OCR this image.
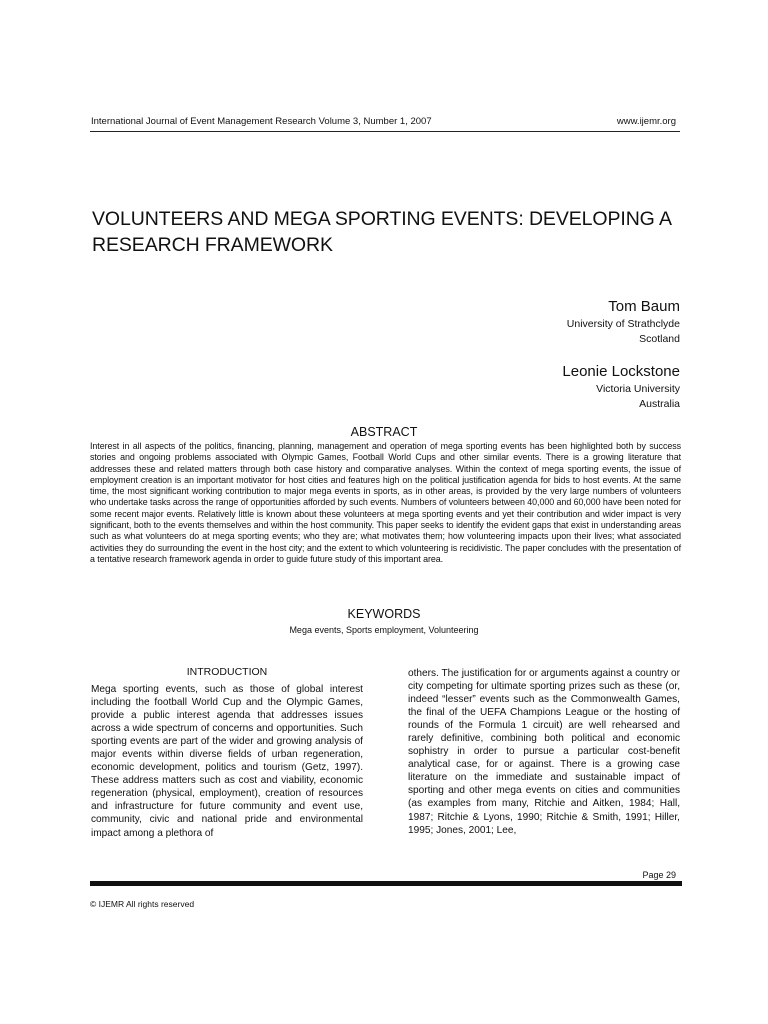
International Journal of Event Management Research Volume 3, Number 1, 2007	www.ijemr.org
VOLUNTEERS AND MEGA SPORTING EVENTS: DEVELOPING A
RESEARCH FRAMEWORK
Tom Baum
University of Strathclyde
Scotland
Leonie Lockstone
Victoria University
Australia
ABSTRACT

Interest in all aspects of the politics, financing, planning, management and operation of mega sporting events has been highlighted both by success stories and ongoing problems associated with Olympic Games, Football World Cups and other similar events. There is a growing literature that addresses these and related matters through both case history and comparative analyses. Within the context of mega sporting events, the issue of employment creation is an important motivator for host cities and features high on the political justification agenda for bids to host events. At the same time, the most significant working contribution to major mega events in sports, as in other areas, is provided by the very large numbers of volunteers who undertake tasks across the range of opportunities afforded by such events. Numbers of volunteers between 40,000 and 60,000 have been noted for some recent major events. Relatively little is known about these volunteers at mega sporting events and yet their contribution and wider impact is very significant, both to the events themselves and within the host community. This paper seeks to identify the evident gaps that exist in understanding areas such as what volunteers do at mega sporting events; who they are; what motivates them; how volunteering impacts upon their lives; what associated activities they do surrounding the event in the host city; and the extent to which volunteering is recidivistic. The paper concludes with the presentation of a tentative research framework agenda in order to guide future study of this important area.

KEYWORDS
Mega events, Sports employment, Volunteering
INTRODUCTION

Mega sporting events, such as those of global interest including the football World Cup and the Olympic Games, provide a public interest agenda that addresses issues across a wide spectrum of concerns and opportunities. Such sporting events are part of the wider and growing analysis of major events within diverse fields of urban regeneration, economic development, politics and tourism (Getz, 1997). These address matters such as cost and viability, economic regeneration (physical, employment), creation of resources and infrastructure for future community and event use, community, civic and national pride and environmental impact among a plethora of

others. The justification for or arguments against a country or city competing for ultimate sporting prizes such as these (or, indeed “lesser” events such as the Commonwealth Games, the final of the UEFA Champions League or the hosting of rounds of the Formula 1 circuit) are well rehearsed and rarely definitive, combining both political and economic sophistry in order to pursue a particular cost-benefit analytical case, for or against. There is a growing case literature on the immediate and sustainable impact of sporting and other mega events on cities and communities (as examples from many, Ritchie and Aitken, 1984; Hall, 1987; Ritchie & Lyons, 1990; Ritchie & Smith, 1991; Hiller, 1995; Jones, 2001; Lee,

Page 29
© IJEMR All rights reserved
